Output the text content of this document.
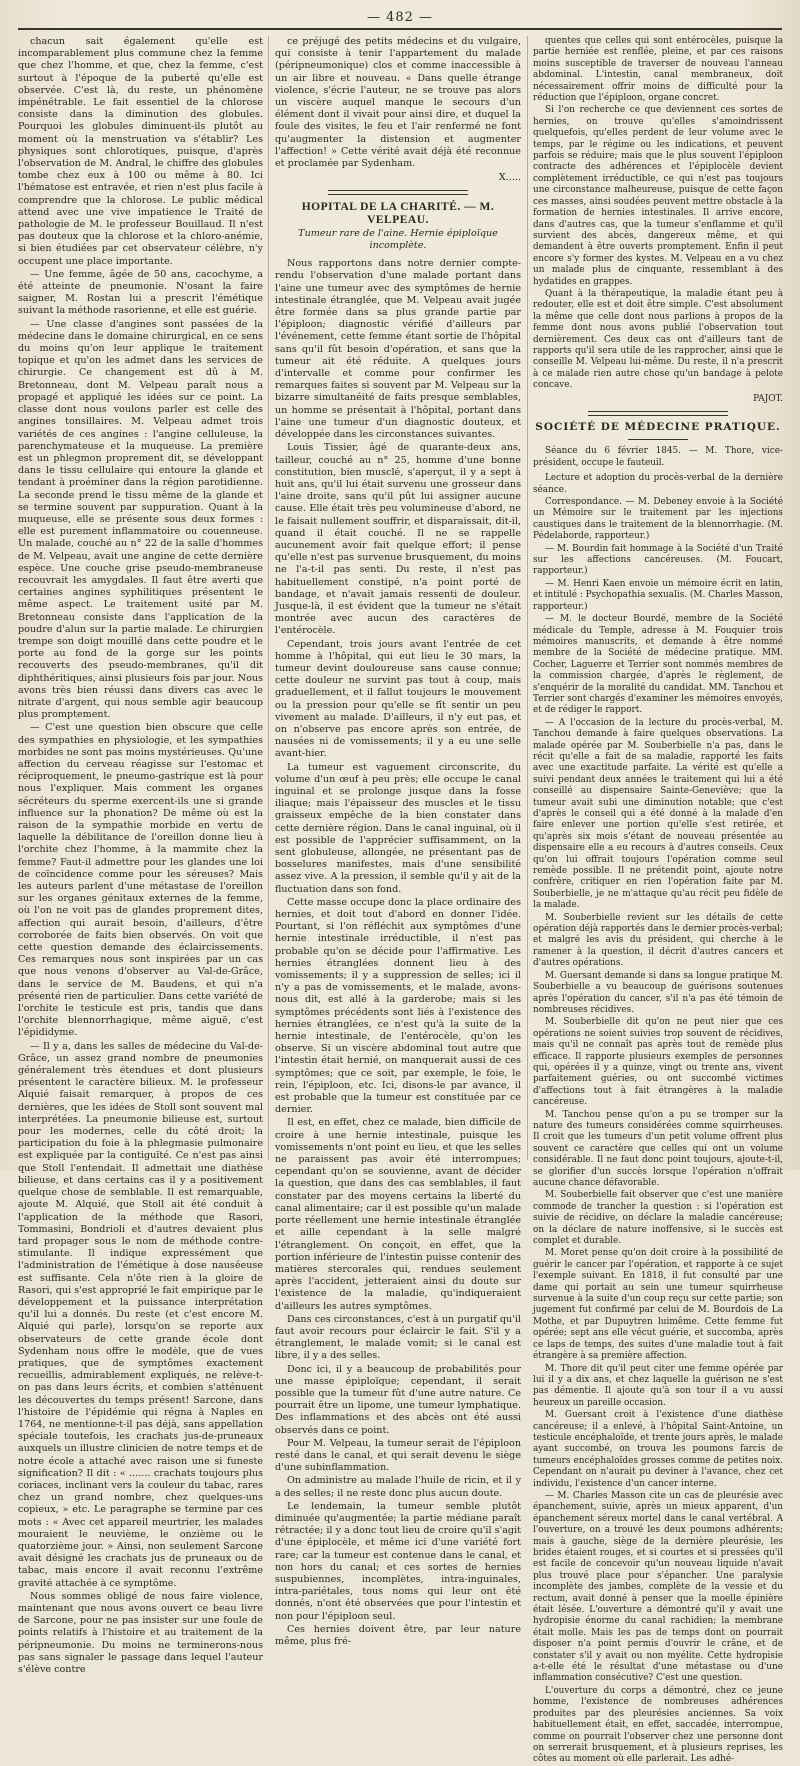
— 482 —

chacun sait également qu'elle est incomparablement plus commune chez la femme que chez l'homme, et que, chez la femme, c'est surtout à l'époque de la puberté qu'elle est observée. C'est là, du reste, un phénomène impénétrable. Le fait essentiel de la chlorose consiste dans la diminution des globules. Pourquoi les globules diminuent-ils plutôt au moment où la menstruation va s'établir? Les physiques sont chlorotiques, puisque, d'après l'observation de M. Andral, le chiffre des globules tombe chez eux à 100 ou même à 80. Ici l'hématose est entravée, et rien n'est plus facile à comprendre que la chlorose. Le public médical attend avec une vive impatience le Traité de pathologie de M. le professeur Bouillaud. Il n'est pas douteux que la chlorose et la chloro-anémie, si bien étudiées par cet observateur célèbre, n'y occupent une place importante.

— Une femme, âgée de 50 ans, cacochyme, a été atteinte de pneumonie. N'osant la faire saigner, M. Rostan lui a prescrit l'émétique suivant la méthode rasorienne, et elle est guérie.

— Une classe d'angines sont passées de la médecine dans le domaine chirurgical, en ce sens du moins qu'on leur applique le traitement topique et qu'on les admet dans les services de chirurgie. Ce changement est dû à M. Bretonneau, dont M. Velpeau paraît nous a propagé et appliqué les idées sur ce point. La classe dont nous voulons parler est celle des angines tonsillaires. M. Velpeau admet trois variétés de ces angines : l'angine celluleuse, la parenchymateuse et la muqueuse. La première est un phlegmon proprement dit, se développant dans le tissu cellulaire qui entoure la glande et tendant à proéminer dans la région parotidienne. La seconde prend le tissu même de la glande et se termine souvent par suppuration. Quant à la muqueuse, elle se présente sous deux formes : elle est purement inflammatoire ou couenneuse. Un malade, couché au n° 22 de la salle d'hommes de M. Velpeau, avait une angine de cette dernière espèce. Une couche grise pseudo-membraneuse recouvrait les amygdales. Il faut être averti que certaines angines syphilitiques présentent le même aspect. Le traitement usité par M. Bretonneau consiste dans l'application de la poudre d'alun sur la partie malade. Le chirurgien trempe son doigt mouillé dans cette poudre et le porte au fond de la gorge sur les points recouverts des pseudo-membranes, qu'il dit diphthéritiques, ainsi plusieurs fois par jour. Nous avons très bien réussi dans divers cas avec le nitrate d'argent, qui nous semble agir beaucoup plus promptement.

— C'est une question bien obscure que celle des sympathies en physiologie, et les sympathies morbides ne sont pas moins mystérieuses. Qu'une affection du cerveau réagisse sur l'estomac et réciproquement, le pneumo-gastrique est là pour nous l'expliquer. Mais comment les organes sécréteurs du sperme exercent-ils une si grande influence sur la phonation? De même où est la raison de la sympathie morbide en vertu de laquelle la débilitance de l'oreillon donne lieu à l'orchite chez l'homme, à la mammite chez la femme? Faut-il admettre pour les glandes une loi de coïncidence comme pour les séreuses? Mais les auteurs parlent d'une métastase de l'oreillon sur les organes génitaux externes de la femme, où l'on ne voit pas de glandes proprement dites, affection qui aurait besoin, d'ailleurs, d'être corroborée de faits bien observés. On voit que cette question demande des éclaircissements. Ces remarques nous sont inspirées par un cas que nous venons d'observer au Val-de-Grâce, dans le service de M. Baudens, et qui n'a présenté rien de particulier. Dans cette variété de l'orchite le testicule est pris, tandis que dans l'orchite blennorrhagique, même aiguë, c'est l'épididyme.

— Il y a, dans les salles de médecine du Val-de-Grâce, un assez grand nombre de pneumonies généralement très étendues et dont plusieurs présentent le caractère bilieux. M. le professeur Alquié faisait remarquer, à propos de ces dernières, que les idées de Stoll sont souvent mal interprétées. La pneumonie bilieuse est, surtout pour les modernes, celle du côté droit; la participation du foie à la phlegmasie pulmonaire est expliquée par la contiguïté. Ce n'est pas ainsi que Stoll l'entendait. Il admettait une diathèse bilieuse, et dans certains cas il y a positivement quelque chose de semblable. Il est remarquable, ajoute M. Alquié, que Stoll ait été conduit à l'application de la méthode que Rasori, Tommasini, Bondrioli et d'autres devaient plus tard propager sous le nom de méthode contre-stimulante. Il indique expressément que l'administration de l'émétique à dose nauséeuse est suffisante. Cela n'ôte rien à la gloire de Rasori, qui s'est approprié le fait empirique par le développement et la puissance interprétation qu'il lui a donnés. Du reste (et c'est encore M. Alquié qui parle), lorsqu'on se reporte aux observateurs de cette grande école dont Sydenham nous offre le modèle, que de vues pratiques, que de symptômes exactement recueillis, admirablement expliqués, ne relève-t-on pas dans leurs écrits, et combien s'atténuent les découvertes du temps présent! Sarcone, dans l'histoire de l'épidémie qui régna à Naples en 1764, ne mentionne-t-il pas déjà, sans appellation spéciale toutefois, les crachats jus-de-pruneaux auxquels un illustre clinicien de notre temps et de notre école a attaché avec raison une si funeste signification? Il dit : « ....... crachats toujours plus coriaces, inclinant vers la couleur du tabac, rares chez un grand nombre, chez quelques-uns copieux, » etc. Le paragraphe se termine par ces mots : « Avec cet appareil meurtrier, les malades mouraient le neuvième, le onzième ou le quatorzième jour. » Ainsi, non seulement Sarcone avait désigné les crachats jus de pruneaux ou de tabac, mais encore il avait reconnu l'extrême gravité attachée à ce symptôme.

Nous sommes obligé de nous faire violence, maintenant que nous avons ouvert ce beau livre de Sarcone, pour ne pas insister sur une foule de points relatifs à l'histoire et au traitement de la péripneumonie. Du moins ne terminerons-nous pas sans signaler le passage dans lequel l'auteur s'élève contre

ce préjugé des petits médecins et du vulgaire, qui consiste à tenir l'appartement du malade (péripneumonique) clos et comme inaccessible à un air libre et nouveau. « Dans quelle étrange violence, s'écrie l'auteur, ne se trouve pas alors un viscère auquel manque le secours d'un élément dont il vivait pour ainsi dire, et duquel la foule des visites, le feu et l'air renfermé ne font qu'augmenter la distension et augmenter l'affection! » Cette vérité avait déjà été reconnue et proclamée par Sydenham.

X.....
HOPITAL DE LA CHARITÉ. — M. VELPEAU.
Tumeur rare de l'aine. Hernie épiploïque incomplète.

Nous rapportons dans notre dernier compte-rendu l'observation d'une malade portant dans l'aine une tumeur avec des symptômes de hernie intestinale étranglée, que M. Velpeau avait jugée être formée dans sa plus grande partie par l'épiploon; diagnostic vérifié d'ailleurs par l'événement, cette femme étant sortie de l'hôpital sans qu'il fût besoin d'opération, et sans que la tumeur ait été réduite. A quelques jours d'intervalle et comme pour confirmer les remarques faites si souvent par M. Velpeau sur la bizarre simultanéité de faits presque semblables, un homme se présentait à l'hôpital, portant dans l'aine une tumeur d'un diagnostic douteux, et développée dans les circonstances suivantes.

Louis Tissier, âgé de quarante-deux ans, tailleur, couché au n° 25, homme d'une bonne constitution, bien musclé, s'aperçut, il y a sept à huit ans, qu'il lui était survenu une grosseur dans l'aine droite, sans qu'il pût lui assigner aucune cause. Elle était très peu volumineuse d'abord, ne le faisait nullement souffrir, et disparaissait, dit-il, quand il était couché. Il ne se rappelle aucunement avoir fait quelque effort; il pense qu'elle n'est pas survenue brusquement, du moins ne l'a-t-il pas senti. Du reste, il n'est pas habituellement constipé, n'a point porté de bandage, et n'avait jamais ressenti de douleur. Jusque-là, il est évident que la tumeur ne s'était montrée avec aucun des caractères de l'entérocèle.

Cependant, trois jours avant l'entrée de cet homme à l'hôpital, qui eut lieu le 30 mars, la tumeur devint douloureuse sans cause connue; cette douleur ne survint pas tout à coup, mais graduellement, et il fallut toujours le mouvement ou la pression pour qu'elle se fît sentir un peu vivement au malade. D'ailleurs, il n'y eut pas, et on n'observe pas encore après son entrée, de nausées ni de vomissements; il y a eu une selle avant-hier.

La tumeur est vaguement circonscrite, du volume d'un œuf à peu près; elle occupe le canal inguinal et se prolonge jusque dans la fosse iliaque; mais l'épaisseur des muscles et le tissu graisseux empêche de la bien constater dans cette dernière région. Dans le canal inguinal, où il est possible de l'apprécier suffisamment, on la sent globuleuse, allongée, ne présentant pas de bosselures manifestes, mais d'une sensibilité assez vive. A la pression, il semble qu'il y ait de la fluctuation dans son fond.

Cette masse occupe donc la place ordinaire des hernies, et doit tout d'abord en donner l'idée. Pourtant, si l'on réfléchit aux symptômes d'une hernie intestinale irréductible, il n'est pas probable qu'on se décide pour l'affirmative. Les hernies étranglées donnent lieu à des vomissements; il y a suppression de selles; ici il n'y a pas de vomissements, et le malade, avons-nous dit, est allé à la garderobe; mais si les symptômes précédents sont liés à l'existence des hernies étranglées, ce n'est qu'à la suite de la hernie intestinale, de l'entérocèle, qu'on les observe. Si un viscère abdominal tout autre que l'intestin était hernié, on manquerait aussi de ces symptômes; que ce soit, par exemple, le foie, le rein, l'épiploon, etc. Ici, disons-le par avance, il est probable que la tumeur est constituée par ce dernier.

Il est, en effet, chez ce malade, bien difficile de croire à une hernie intestinale, puisque les vomissements n'ont point eu lieu, et que les selles ne paraissent pas avoir été interrompues; cependant qu'on se souvienne, avant de décider la question, que dans des cas semblables, il faut constater par des moyens certains la liberté du canal alimentaire; car il est possible qu'un malade porte réellement une hernie intestinale étranglée et aille cependant à la selle malgré l'étranglement. On conçoit, en effet, que la portion inférieure de l'intestin puisse contenir des matières stercorales qui, rendues seulement après l'accident, jetteraient ainsi du doute sur l'existence de la maladie, qu'indiqueraient d'ailleurs les autres symptômes.

Dans ces circonstances, c'est à un purgatif qu'il faut avoir recours pour éclaircir le fait. S'il y a étranglement, le malade vomit; si le canal est libre, il y a des selles.

Donc ici, il y a beaucoup de probabilités pour une masse épiploïque; cependant, il serait possible que la tumeur fût d'une autre nature. Ce pourrait être un lipome, une tumeur lymphatique. Des inflammations et des abcès ont été aussi observés dans ce point.

Pour M. Velpeau, la tumeur serait de l'épiploon resté dans le canal, et qui serait devenu le siège d'une subinflammation.

On administre au malade l'huile de ricin, et il y a des selles; il ne reste donc plus aucun doute.

Le lendemain, la tumeur semble plutôt diminuée qu'augmentée; la partie médiane paraît rétractée; il y a donc tout lieu de croire qu'il s'agit d'une épiplocèle, et même ici d'une variété fort rare; car la tumeur est contenue dans le canal, et non hors du canal; et ces sortes de hernies suspubiennes, incomplètes, intra-inguinales, intra-pariétales, tous noms qui leur ont été donnés, n'ont été observées que pour l'intestin et non pour l'épiploon seul.

Ces hernies doivent être, par leur nature même, plus fré-

quentes que celles qui sont entérocèles, puisque la partie herniée est renflée, pleine, et par ces raisons moins susceptible de traverser de nouveau l'anneau abdominal. L'intestin, canal membraneux, doit nécessairement offrir moins de difficulté pour la réduction que l'épiploon, organe concret.

Si l'on recherche ce que deviennent ces sortes de hernies, on trouve qu'elles s'amoindrissent quelquefois, qu'elles perdent de leur volume avec le temps, par le régime ou les indications, et peuvent parfois se réduire; mais que le plus souvent l'épiploon contracte des adhérences et l'épiplocèle devient complètement irréductible, ce qui n'est pas toujours une circonstance malheureuse, puisque de cette façon ces masses, ainsi soudées peuvent mettre obstacle à la formation de hernies intestinales. Il arrive encore, dans d'autres cas, que la tumeur s'enflamme et qu'il survient des abcès, dangereux même, et qui demandent à être ouverts promptement. Enfin il peut encore s'y former des kystes. M. Velpeau en a vu chez un malade plus de cinquante, ressemblant à des hydatides en grappes.

Quant à la thérapeutique, la maladie étant peu à redouter, elle est et doit être simple. C'est absolument la même que celle dont nous parlions à propos de la femme dont nous avons publié l'observation tout dernièrement. Ces deux cas ont d'ailleurs tant de rapports qu'il sera utile de les rapprocher, ainsi que le conseille M. Velpeau lui-même. Du reste, il n'a prescrit à ce malade rien autre chose qu'un bandage à pelote concave.

PAJOT.
SOCIÉTÉ DE MÉDECINE PRATIQUE.

Séance du 6 février 1845. — M. Thore, vice-président, occupe le fauteuil.

Lecture et adoption du procès-verbal de la dernière séance.

Correspondance. — M. Debeney envoie à la Société un Mémoire sur le traitement par les injections caustiques dans le traitement de la blennorrhagie. (M. Pédelaborde, rapporteur.)

— M. Bourdin fait hommage à la Société d'un Traité sur les affections cancéreuses. (M. Foucart, rapporteur.)

— M. Henri Kaen envoie un mémoire écrit en latin, et intitulé : Psychopathia sexualis. (M. Charles Masson, rapporteur.)

— M. le docteur Bourdé, membre de la Société médicale du Temple, adresse à M. Fouquier trois mémoires manuscrits, et demande à être nommé membre de la Société de médecine pratique. MM. Cocher, Laguerre et Terrier sont nommés membres de la commission chargée, d'après le règlement, de s'enquérir de la moralité du candidat. MM. Tanchou et Terrier sont chargés d'examiner les mémoires envoyés, et de rédiger le rapport.

— A l'occasion de la lecture du procès-verbal, M. Tanchou demande à faire quelques observations. La malade opérée par M. Souberbielle n'a pas, dans le récit qu'elle a fait de sa maladie, rapporté les faits avec une exactitude parfaite. La vérité est qu'elle a suivi pendant deux années le traitement qui lui a été conseillé au dispensaire Sainte-Geneviève; que la tumeur avait subi une diminution notable; que c'est d'après le conseil qui a été donné à la malade d'en faire enlever une portion qu'elle s'est retirée, et qu'après six mois s'étant de nouveau présentée au dispensaire elle a eu recours à d'autres conseils. Ceux qu'on lui offrait toujours l'opération comme seul remède possible. Il ne prétendit point, ajoute notre confrère, critiquer en rien l'opération faite par M. Souberbielle, je ne m'attaque qu'au récit peu fidèle de la malade.

M. Souberbielle revient sur les détails de cette opération déjà rapportés dans le dernier procès-verbal; et malgré les avis du président, qui cherche à le ramener à la question, il décrit d'autres cancers et d'autres opérations.

M. Guersant demande si dans sa longue pratique M. Souberbielle a vu beaucoup de guérisons soutenues après l'opération du cancer, s'il n'a pas été témoin de nombreuses récidives.

M. Souberbielle dit qu'on ne peut nier que ces opérations ne soient suivies trop souvent de récidives, mais qu'il ne connaît pas après tout de remède plus efficace. Il rapporte plusieurs exemples de personnes qui, opérées il y a quinze, vingt ou trente ans, vivent parfaitement guéries, ou ont succombé victimes d'affections tout à fait étrangères à la maladie cancéreuse.

M. Tanchou pense qu'on a pu se tromper sur la nature des tumeurs considérées comme squirrheuses. Il croit que les tumeurs d'un petit volume offrent plus souvent ce caractère que celles qui ont un volume considérable. Il ne faut donc point toujours, ajoute-t-il, se glorifier d'un succès lorsque l'opération n'offrait aucune chance défavorable.

M. Souberbielle fait observer que c'est une manière commode de trancher la question : si l'opération est suivie de récidive, on déclare la maladie cancéreuse; on la déclare de nature inoffensive, si le succès est complet et durable.

M. Moret pense qu'on doit croire à la possibilité de guérir le cancer par l'opération, et rapporte à ce sujet l'exemple suivant. En 1818, il fut consulté par une dame qui portait au sein une tumeur squirrheuse survenue à la suite d'un coup reçu sur cette partie; son jugement fut confirmé par celui de M. Bourdois de La Mothe, et par Dupuytren luimême. Cette femme fut opérée; sept ans elle vécut guérie, et succomba, après ce laps de temps, des suites d'une maladie tout à fait étrangère à sa première affection.

M. Thore dit qu'il peut citer une femme opérée par lui il y a dix ans, et chez laquelle la guérison ne s'est pas démentie. Il ajoute qu'à son tour il a vu aussi heureux un pareille occasion.

M. Guersant croit à l'existence d'une diathèse cancéreuse; il a enlevé, à l'hôpital Saint-Antoine, un testicule encéphaloïde, et trente jours après, le malade ayant succombé, on trouva les poumons farcis de tumeurs encéphaloïdes grosses comme de petites noix. Cependant on n'aurait pu deviner à l'avance, chez cet individu, l'existence d'un cancer interne.

— M. Charles Masson cite un cas de pleurésie avec épanchement, suivie, après un mieux apparent, d'un épanchement séreux mortel dans le canal vertébral. A l'ouverture, on a trouvé les deux poumons adhérents; mais à gauche, siège de la dernière pleurésie, les brides étaient rouges, et si courtes et si pressées qu'il est facile de concevoir qu'un nouveau liquide n'avait plus trouvé place pour s'épancher. Une paralysie incomplète des jambes, complète de la vessie et du rectum, avait donné à penser que la moelle épinière était lésée. L'ouverture a démontré qu'il y avait une hydropisie énorme du canal rachidien; la membrane était molle. Mais les pas de temps dont on pourrait disposer n'a point permis d'ouvrir le crâne, et de constater s'il y avait ou non myélite. Cette hydropisie a-t-elle été le résultat d'une métastase ou d'une inflammation consécutive? C'est une question.

L'ouverture du corps a démontré, chez ce jeune homme, l'existence de nombreuses adhérences produites par des pleurésies anciennes. Sa voix habituellement était, en effet, saccadée, interrompue, comme on pourrait l'observer chez une personne dont on serrerait brusquement, et à plusieurs reprises, les côtes au moment où elle parlerait. Les adhé-
